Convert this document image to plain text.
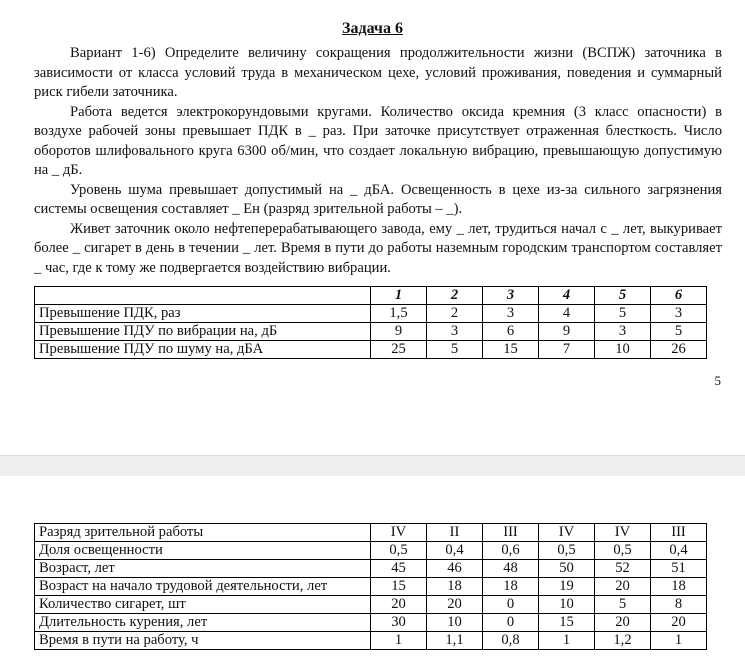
Задача 6

Вариант 1-6) Определите величину сокращения продолжительности жизни (ВСПЖ) заточника в зависимости от класса условий труда в механическом цехе, условий проживания, поведения и суммарный риск гибели заточника.

Работа ведется электрокорундовыми кругами. Количество оксида кремния (3 класс опасности) в воздухе рабочей зоны превышает ПДК в _ раз. При заточке присутствует отраженная блесткость. Число оборотов шлифовального круга 6300 об/мин, что создает локальную вибрацию, превышающую допустимую на _ дБ.

Уровень шума превышает допустимый на _ дБА. Освещенность в цехе из-за сильного загрязнения системы освещения составляет _ Ен (разряд зрительной работы – _).

Живет заточник около нефтеперерабатывающего завода, ему _ лет, трудиться начал с _ лет, выкуривает более _ сигарет в день в течении _ лет. Время в пути до работы наземным городским транспортом составляет _ час, где к тому же подвергается воздействию вибрации.

	1	2	3	4	5	6
Превышение ПДК, раз	1,5	2	3	4	5	3
Превышение ПДУ по вибрации на, дБ	9	3	6	9	3	5
Превышение ПДУ по шуму на, дБА	25	5	15	7	10	26
5
Разряд зрительной работы	IV	II	III	IV	IV	III
Доля освещенности	0,5	0,4	0,6	0,5	0,5	0,4
Возраст, лет	45	46	48	50	52	51
Возраст на начало трудовой деятельности, лет	15	18	18	19	20	18
Количество сигарет, шт	20	20	0	10	5	8
Длительность курения, лет	30	10	0	15	20	20
Время в пути на работу, ч	1	1,1	0,8	1	1,2	1
